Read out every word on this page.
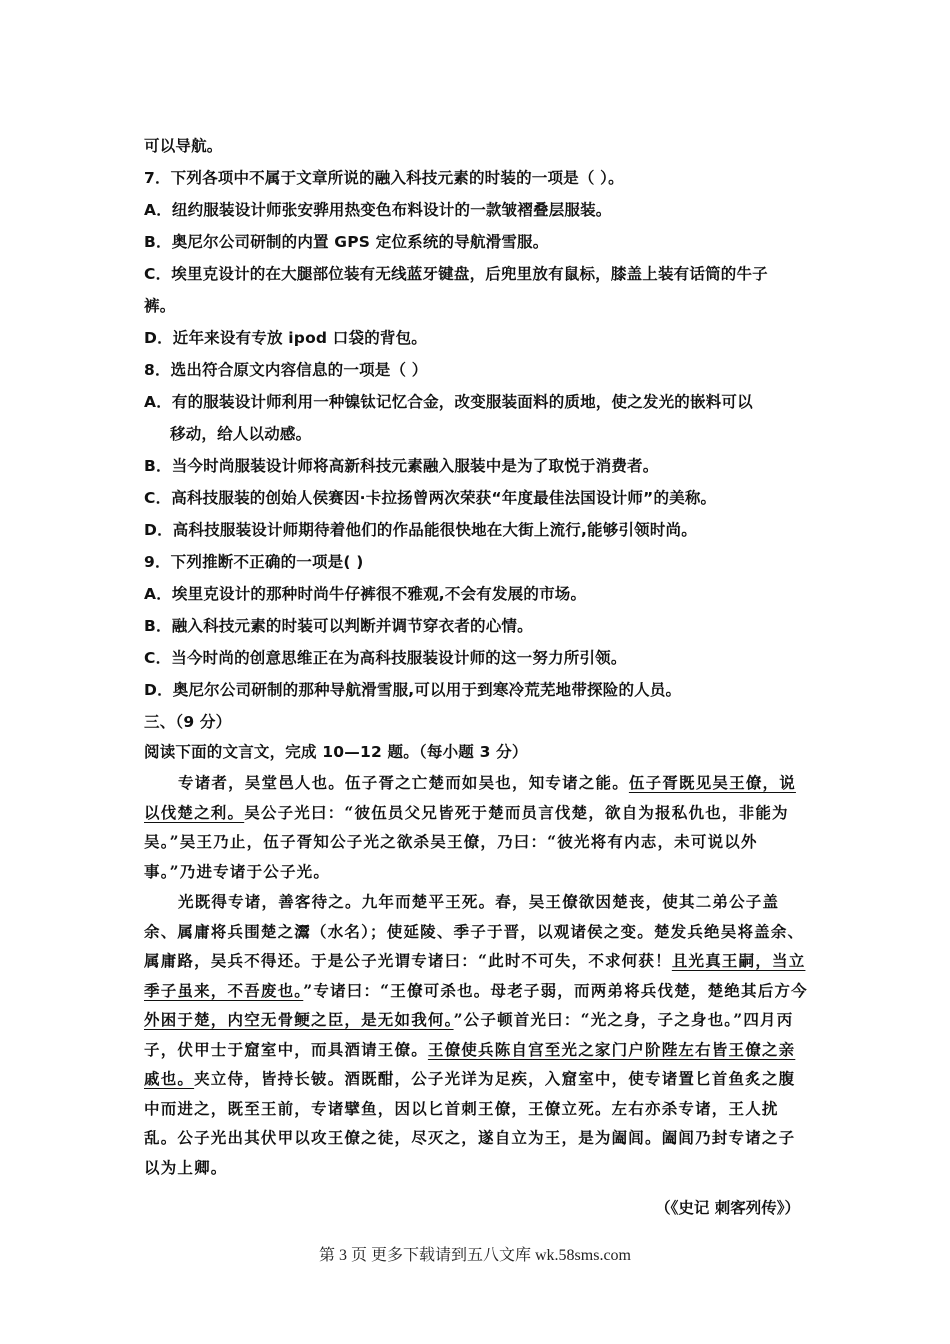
可以导航。
7．下列各项中不属于文章所说的融入科技元素的时装的一项是（ ）。
A．纽约服装设计师张安骅用热变色布料设计的一款皱褶叠层服装。
B．奥尼尔公司研制的内置 GPS 定位系统的导航滑雪服。
C．埃里克设计的在大腿部位装有无线蓝牙键盘，后兜里放有鼠标，膝盖上装有话筒的牛子
裤。
D．近年来设有专放 ipod 口袋的背包。
8．选出符合原文内容信息的一项是（ ）
A．有的服装设计师利用一种镍钛记忆合金，改变服装面料的质地，使之发光的嵌料可以
移动，给人以动感。
B．当今时尚服装设计师将高新科技元素融入服装中是为了取悦于消费者。
C．高科技服装的创始人侯赛因·卡拉扬曾两次荣获“年度最佳法国设计师”的美称。
D．高科技服装设计师期待着他们的作品能很快地在大街上流行,能够引领时尚。
9．下列推断不正确的一项是( )
A．埃里克设计的那种时尚牛仔裤很不雅观,不会有发展的市场。
B．融入科技元素的时装可以判断并调节穿衣者的心情。
C．当今时尚的创意思维正在为高科技服装设计师的这一努力所引领。
D．奥尼尔公司研制的那种导航滑雪服,可以用于到寒冷荒芜地带探险的人员。
三、（9 分）
阅读下面的文言文，完成 10—12 题。（每小题 3 分）

专诸者，吴堂邑人也。伍子胥之亡楚而如吴也，知专诸之能。伍子胥既见吴王僚，说以伐楚之利。吴公子光曰：“彼伍员父兄皆死于楚而员言伐楚，欲自为报私仇也，非能为吴。”吴王乃止，伍子胥知公子光之欲杀吴王僚，乃曰：“彼光将有内志，未可说以外事。”乃进专诸于公子光。

光既得专诸，善客待之。九年而楚平王死。春，吴王僚欲因楚丧，使其二弟公子盖余、属庸将兵围楚之灊（水名）；使延陵、季子于晋，以观诸侯之变。楚发兵绝吴将盖余、属庸路，吴兵不得还。于是公子光谓专诸曰：“此时不可失，不求何获！且光真王嗣，当立季子虽来，不吾废也。”专诸曰：“王僚可杀也。母老子弱，而两弟将兵伐楚，楚绝其后方今外困于楚，内空无骨鲠之臣，是无如我何。”公子顿首光曰：“光之身，子之身也。”四月丙子，伏甲士于窟室中，而具酒请王僚。王僚使兵陈自宫至光之家门户阶陛左右皆王僚之亲戚也。夹立侍，皆持长铍。酒既酣，公子光详为足疾，入窟室中，使专诸置匕首鱼炙之腹中而进之，既至王前，专诸擘鱼，因以匕首刺王僚，王僚立死。左右亦杀专诸，王人扰乱。公子光出其伏甲以攻王僚之徒，尽灭之，遂自立为王，是为阖闾。阖闾乃封专诸之子以为上卿。

（《史记 刺客列传》）
第 3 页 更多下载请到五八文库 wk.58sms.com
